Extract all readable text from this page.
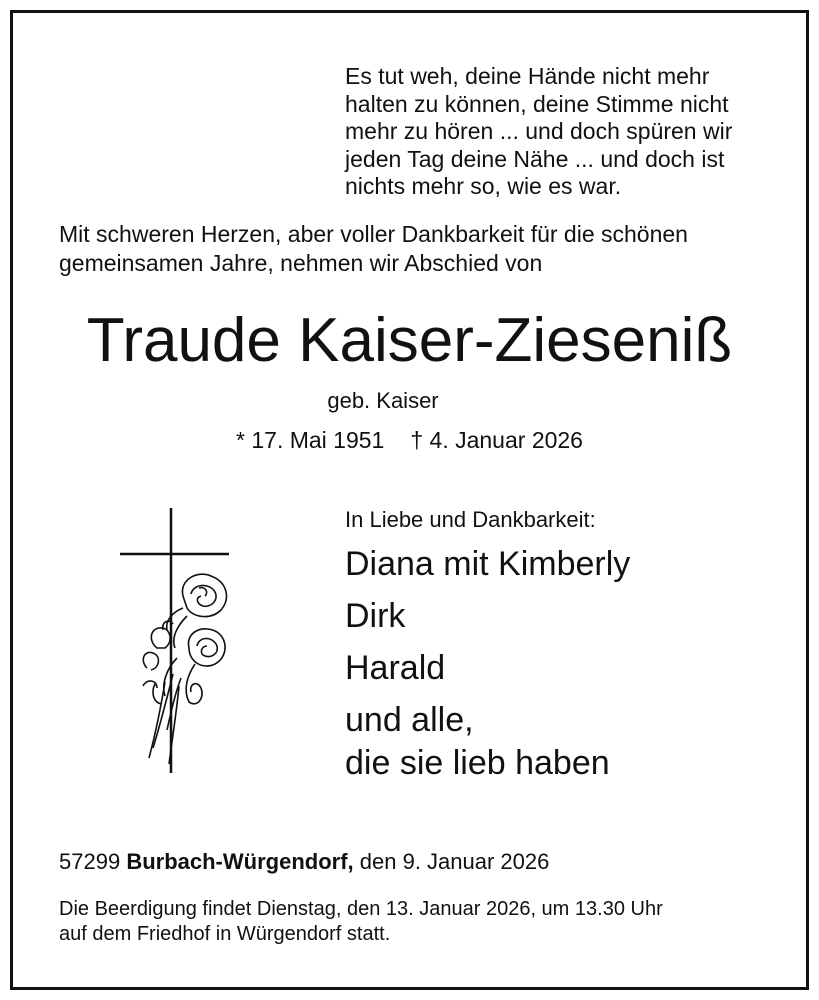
Es tut weh, deine Hände nicht mehr
halten zu können, deine Stimme nicht
mehr zu hören ... und doch spüren wir
jeden Tag deine Nähe ... und doch ist
nichts mehr so, wie es war.
Mit schweren Herzen, aber voller Dankbarkeit für die schönen
gemeinsamen Jahre, nehmen wir Abschied von
Traude Kaiser-Zieseniß
geb. Kaiser
* 17. Mai 1951 † 4. Januar 2026
In Liebe und Dankbarkeit:
Diana mit Kimberly
Dirk
Harald
und alle,
die sie lieb haben
57299 Burbach-Würgendorf, den 9. Januar 2026
Die Beerdigung findet Dienstag, den 13. Januar 2026, um 13.30 Uhr
auf dem Friedhof in Würgendorf statt.
